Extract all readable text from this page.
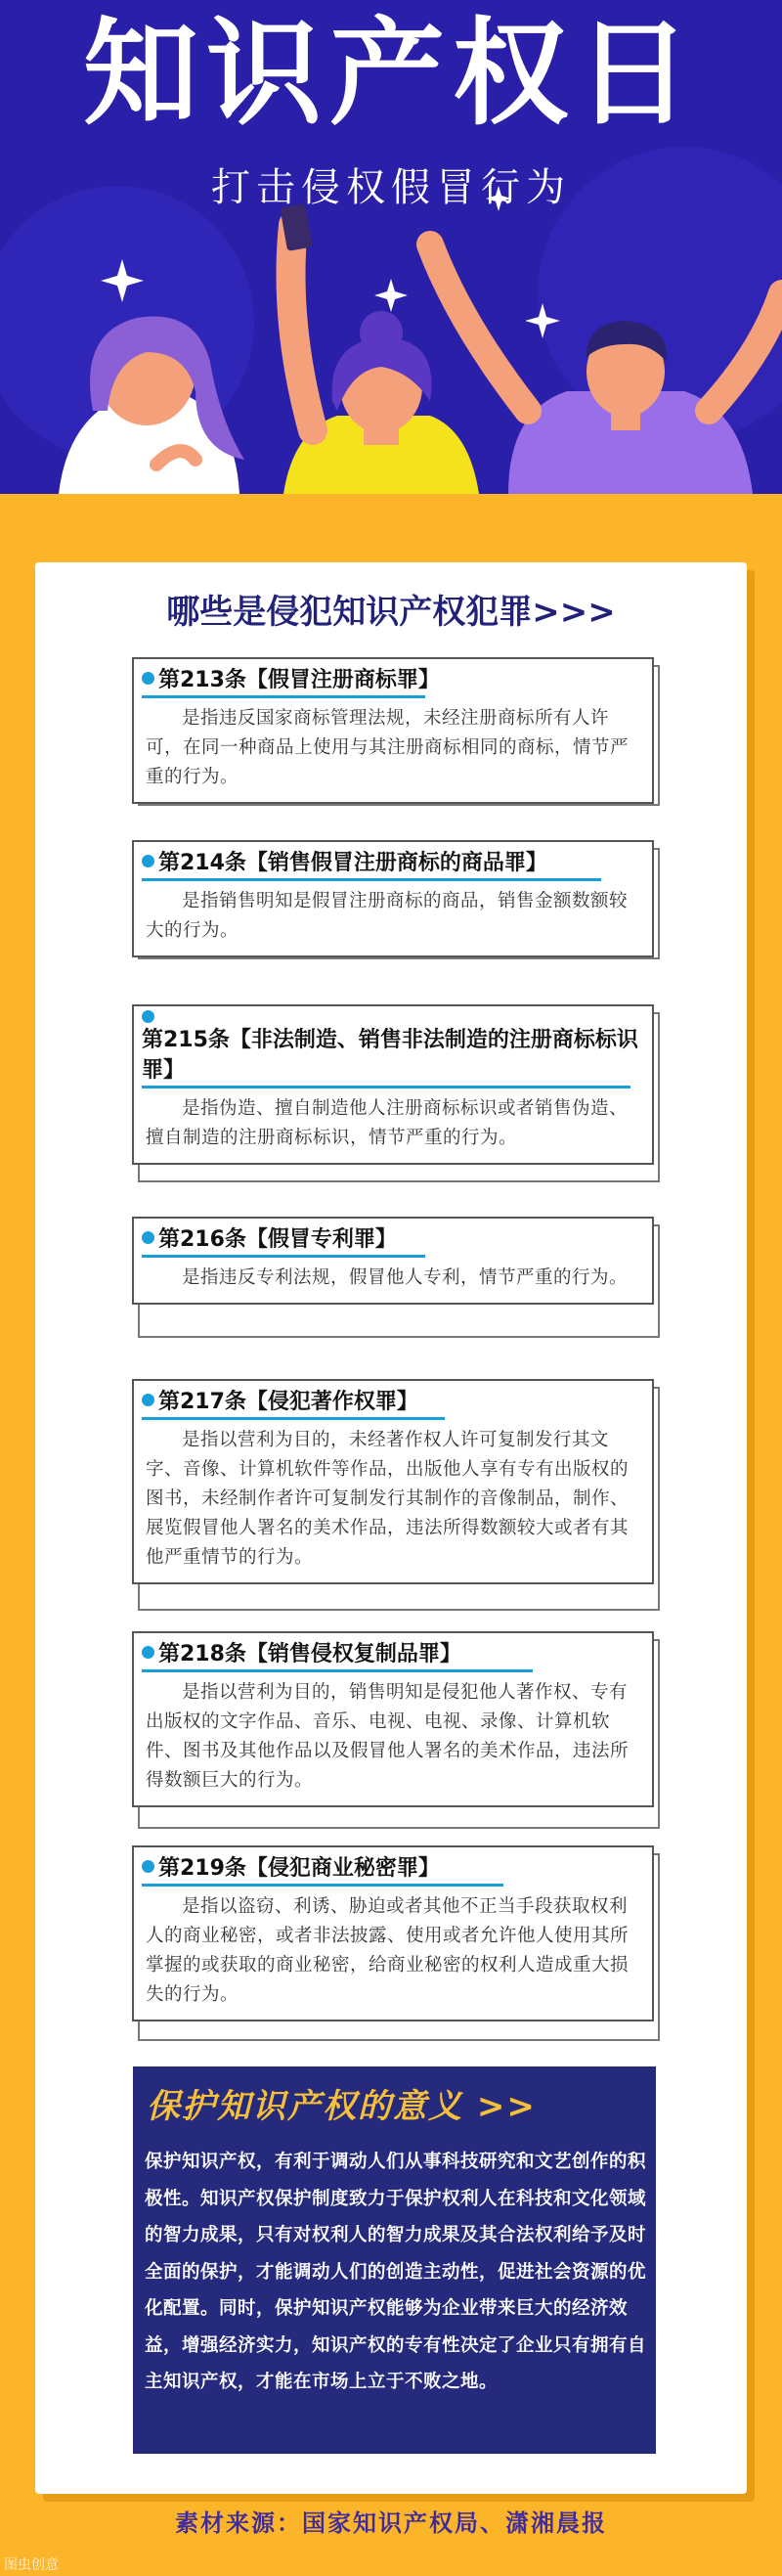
知识产权日
打击侵权假冒行为
哪些是侵犯知识产权犯罪>>>
第213条【假冒注册商标罪】
是指违反国家商标管理法规，未经注册商标所有人许可，在同一种商品上使用与其注册商标相同的商标，情节严重的行为。
第214条【销售假冒注册商标的商品罪】
是指销售明知是假冒注册商标的商品，销售金额数额较大的行为。
第215条【非法制造、销售非法制造的注册商标标识罪】
是指伪造、擅自制造他人注册商标标识或者销售伪造、擅自制造的注册商标标识，情节严重的行为。
第216条【假冒专利罪】
是指违反专利法规，假冒他人专利，情节严重的行为。
第217条【侵犯著作权罪】
是指以营利为目的，未经著作权人许可复制发行其文字、音像、计算机软件等作品，出版他人享有专有出版权的图书，未经制作者许可复制发行其制作的音像制品，制作、展览假冒他人署名的美术作品，违法所得数额较大或者有其他严重情节的行为。
第218条【销售侵权复制品罪】
是指以营利为目的，销售明知是侵犯他人著作权、专有出版权的文字作品、音乐、电视、电视、录像、计算机软件、图书及其他作品以及假冒他人署名的美术作品，违法所得数额巨大的行为。
第219条【侵犯商业秘密罪】
是指以盗窃、利诱、胁迫或者其他不正当手段获取权利人的商业秘密，或者非法披露、使用或者允许他人使用其所掌握的或获取的商业秘密，给商业秘密的权利人造成重大损失的行为。
保护知识产权的意义 >>
保护知识产权，有利于调动人们从事科技研究和文艺创作的积极性。知识产权保护制度致力于保护权利人在科技和文化领域的智力成果，只有对权利人的智力成果及其合法权利给予及时全面的保护，才能调动人们的创造主动性，促进社会资源的优化配置。同时，保护知识产权能够为企业带来巨大的经济效益，增强经济实力，知识产权的专有性决定了企业只有拥有自主知识产权，才能在市场上立于不败之地。
素材来源：国家知识产权局、潇湘晨报
图虫创意
